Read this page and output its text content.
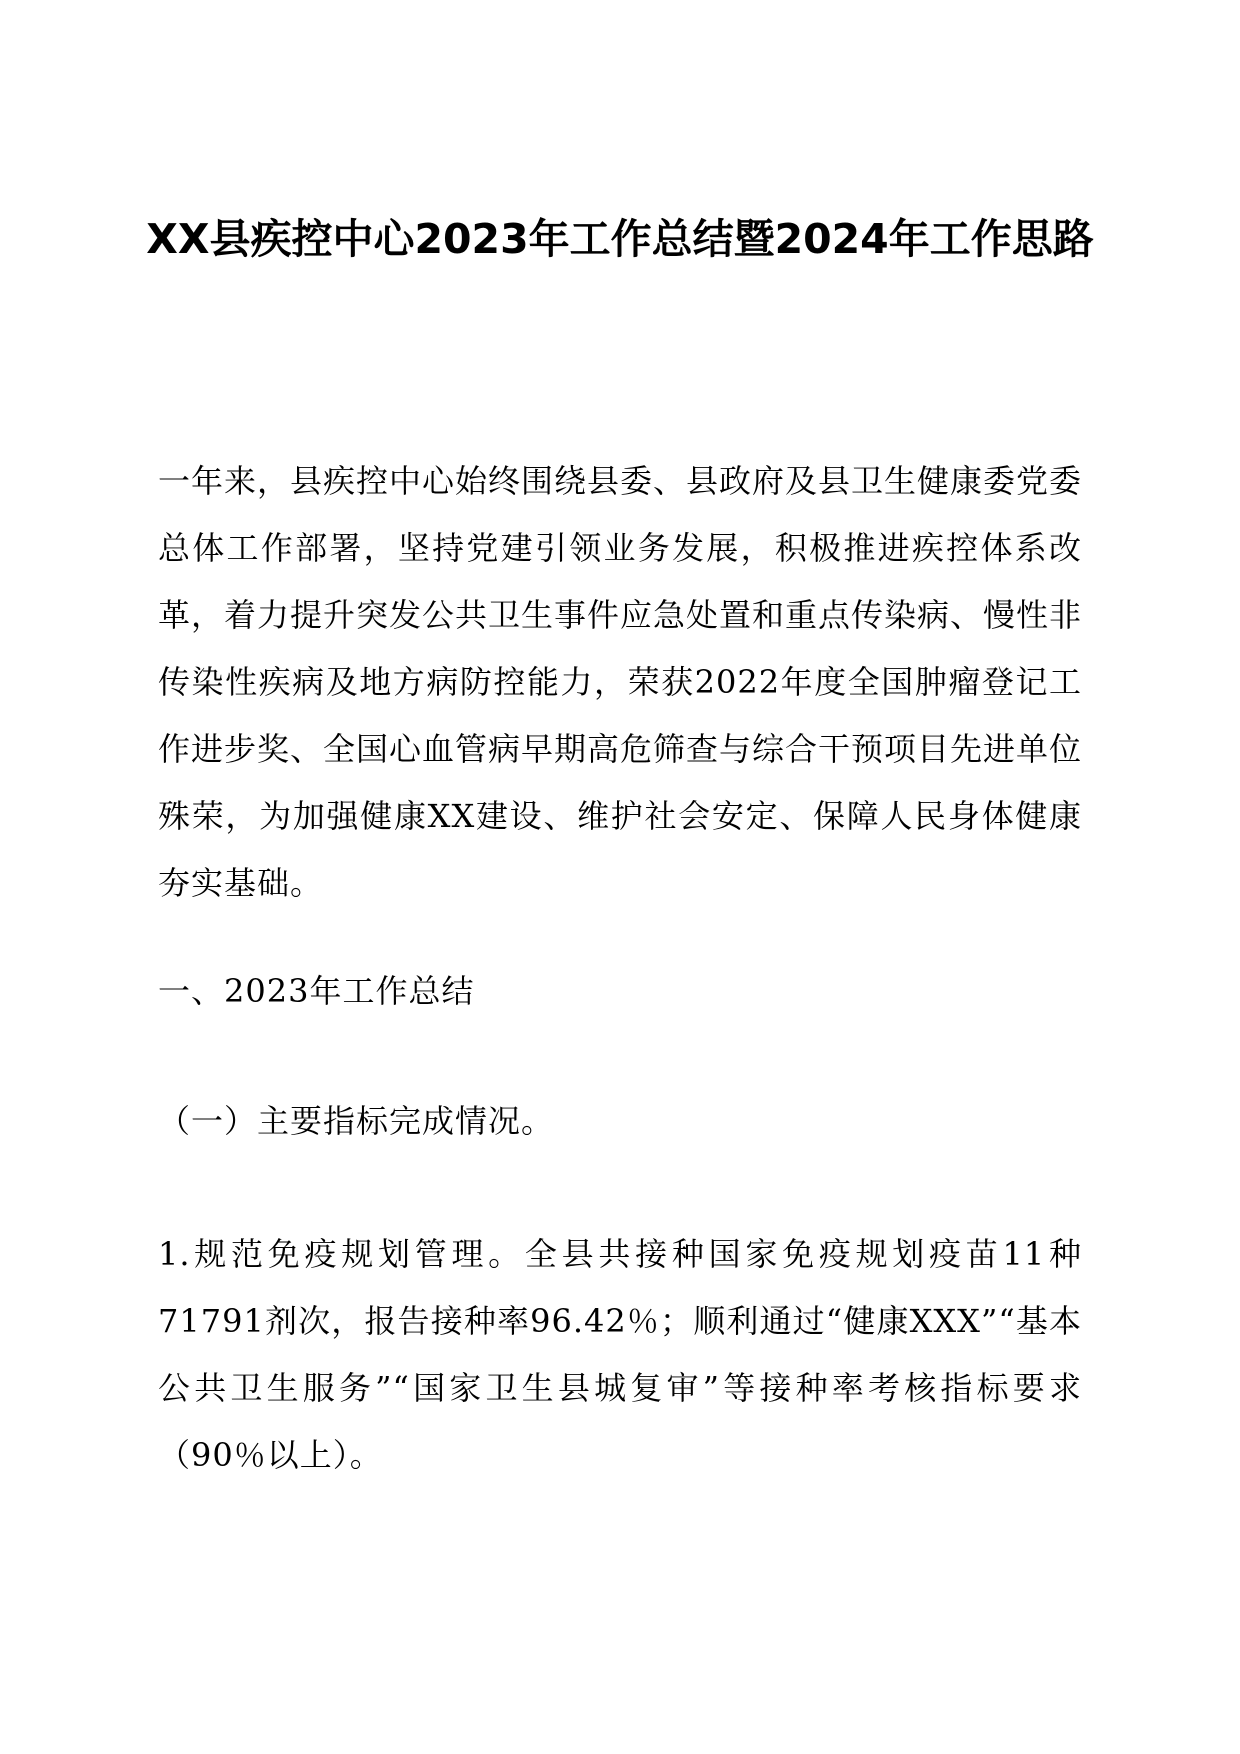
XX县疾控中心2023年工作总结暨2024年工作思路

一年来，县疾控中心始终围绕县委、县政府及县卫生健康委党委总体工作部署，坚持党建引领业务发展，积极推进疾控体系改革，着力提升突发公共卫生事件应急处置和重点传染病、慢性非传染性疾病及地方病防控能力，荣获2022年度全国肿瘤登记工作进步奖、全国心血管病早期高危筛查与综合干预项目先进单位殊荣，为加强健康XX建设、维护社会安定、保障人民身体健康夯实基础。

一、2023年工作总结

（一）主要指标完成情况。

1.规范免疫规划管理。全县共接种国家免疫规划疫苗11种71791剂次，报告接种率96.42％；顺利通过“健康XXX”“基本公共卫生服务”“国家卫生县城复审”等接种率考核指标要求（90％以上）。
